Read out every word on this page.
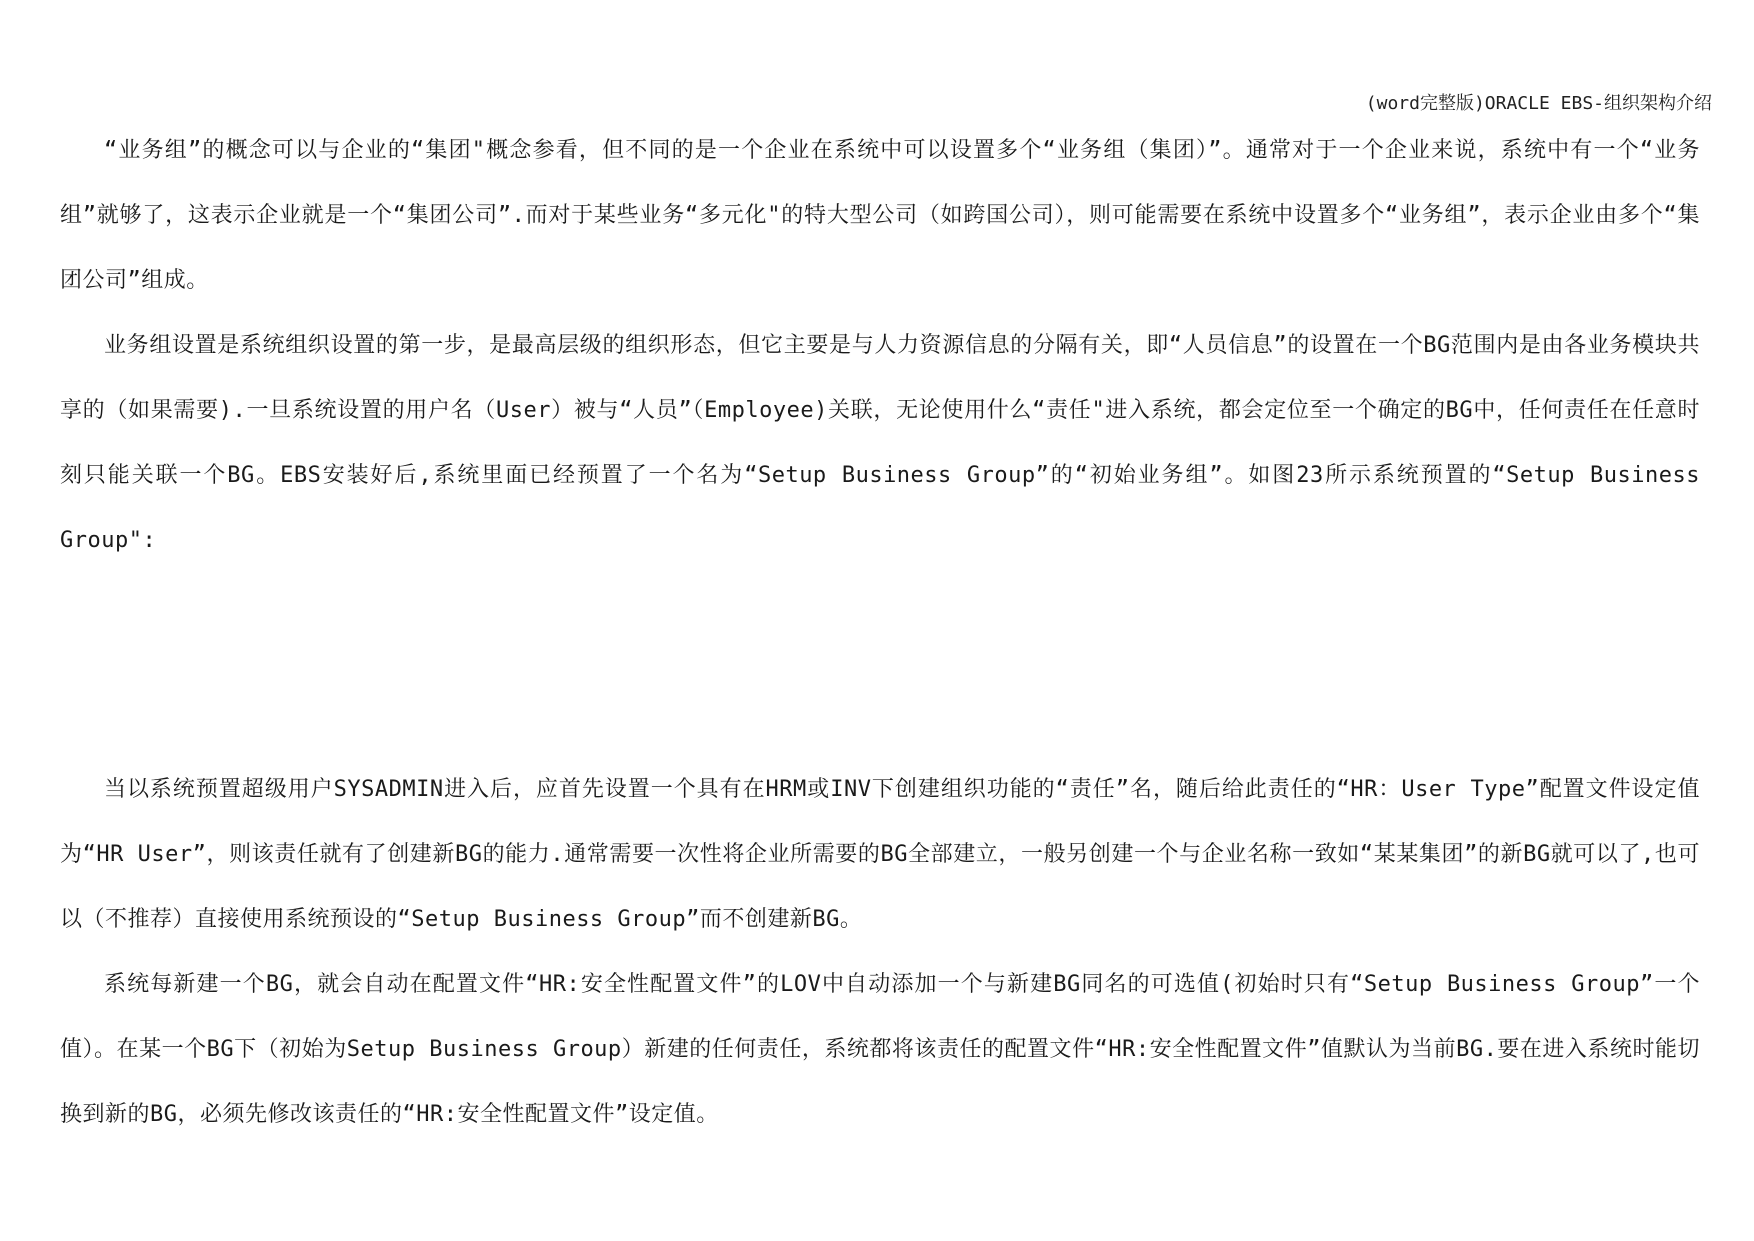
(word完整版)ORACLE EBS-组织架构介绍

“业务组”的概念可以与企业的“集团"概念参看，但不同的是一个企业在系统中可以设置多个“业务组（集团）”。通常对于一个企业来说，系统中有一个“业务组”就够了，这表示企业就是一个“集团公司”.而对于某些业务“多元化"的特大型公司（如跨国公司），则可能需要在系统中设置多个“业务组”，表示企业由多个“集团公司”组成。

业务组设置是系统组织设置的第一步，是最高层级的组织形态，但它主要是与人力资源信息的分隔有关，即“人员信息”的设置在一个BG范围内是由各业务模块共享的（如果需要).一旦系统设置的用户名（User）被与“人员”（Employee)关联，无论使用什么“责任"进入系统，都会定位至一个确定的BG中，任何责任在任意时刻只能关联一个BG。EBS安装好后,系统里面已经预置了一个名为“Setup Business Group”的“初始业务组”。如图23所示系统预置的“Setup Business Group":

当以系统预置超级用户SYSADMIN进入后，应首先设置一个具有在HRM或INV下创建组织功能的“责任”名，随后给此责任的“HR：User Type”配置文件设定值为“HR User”，则该责任就有了创建新BG的能力.通常需要一次性将企业所需要的BG全部建立，一般另创建一个与企业名称一致如“某某集团”的新BG就可以了,也可以（不推荐）直接使用系统预设的“Setup Business Group”而不创建新BG。

系统每新建一个BG，就会自动在配置文件“HR:安全性配置文件”的LOV中自动添加一个与新建BG同名的可选值(初始时只有“Setup Business Group”一个值）。在某一个BG下（初始为Setup Business Group）新建的任何责任，系统都将该责任的配置文件“HR:安全性配置文件”值默认为当前BG.要在进入系统时能切换到新的BG，必须先修改该责任的“HR:安全性配置文件”设定值。
